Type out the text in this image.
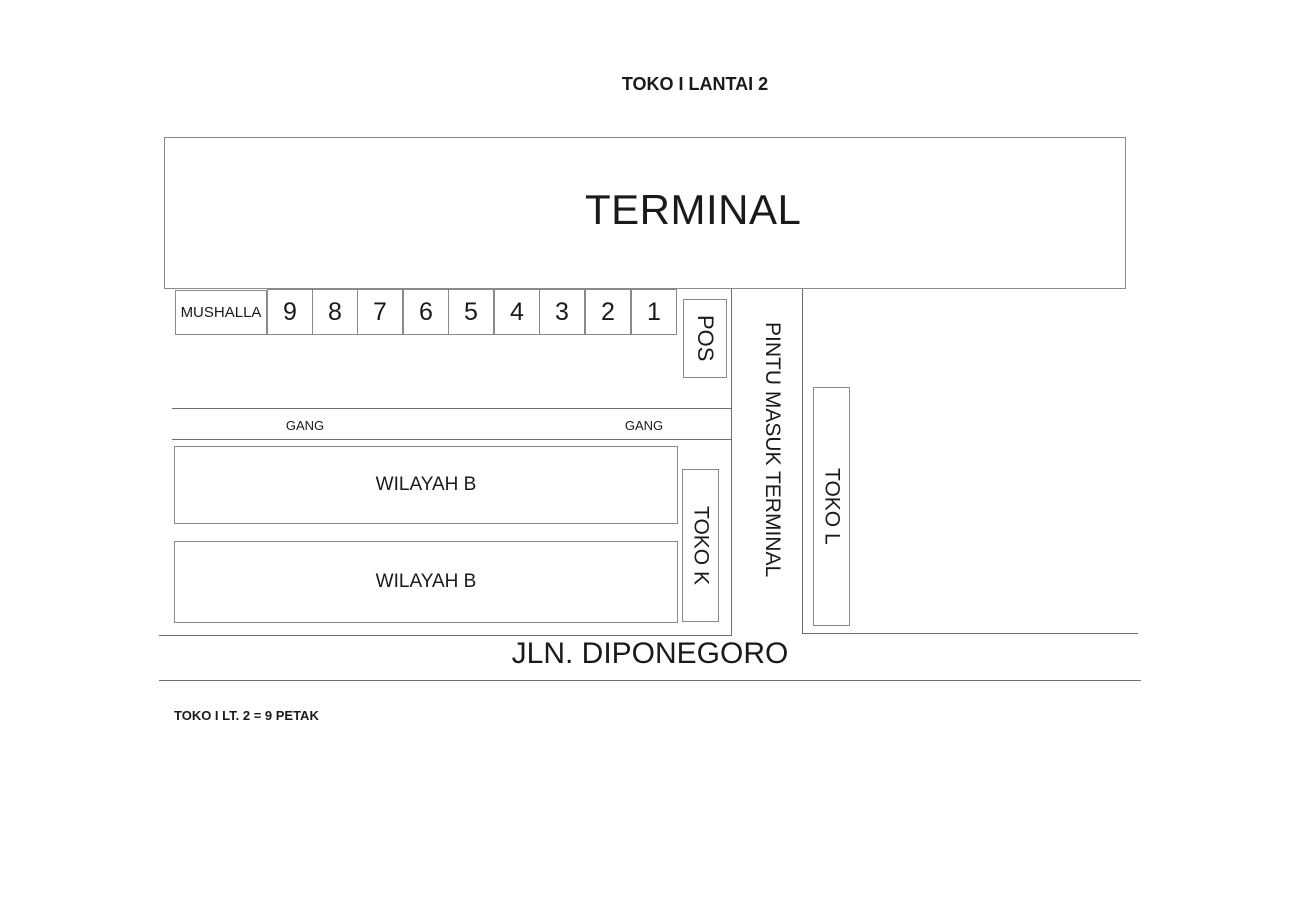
TOKO I LANTAI 2
TERMINAL
MUSHALLA 9 8 7 6 5 4 3 2 1
POS
GANG	GANG
WILAYAH B
WILAYAH B	TOKO K PINTU MASUK TERMINAL TOKO L
JLN. DIPONEGORO
TOKO I LT. 2 = 9 PETAK
